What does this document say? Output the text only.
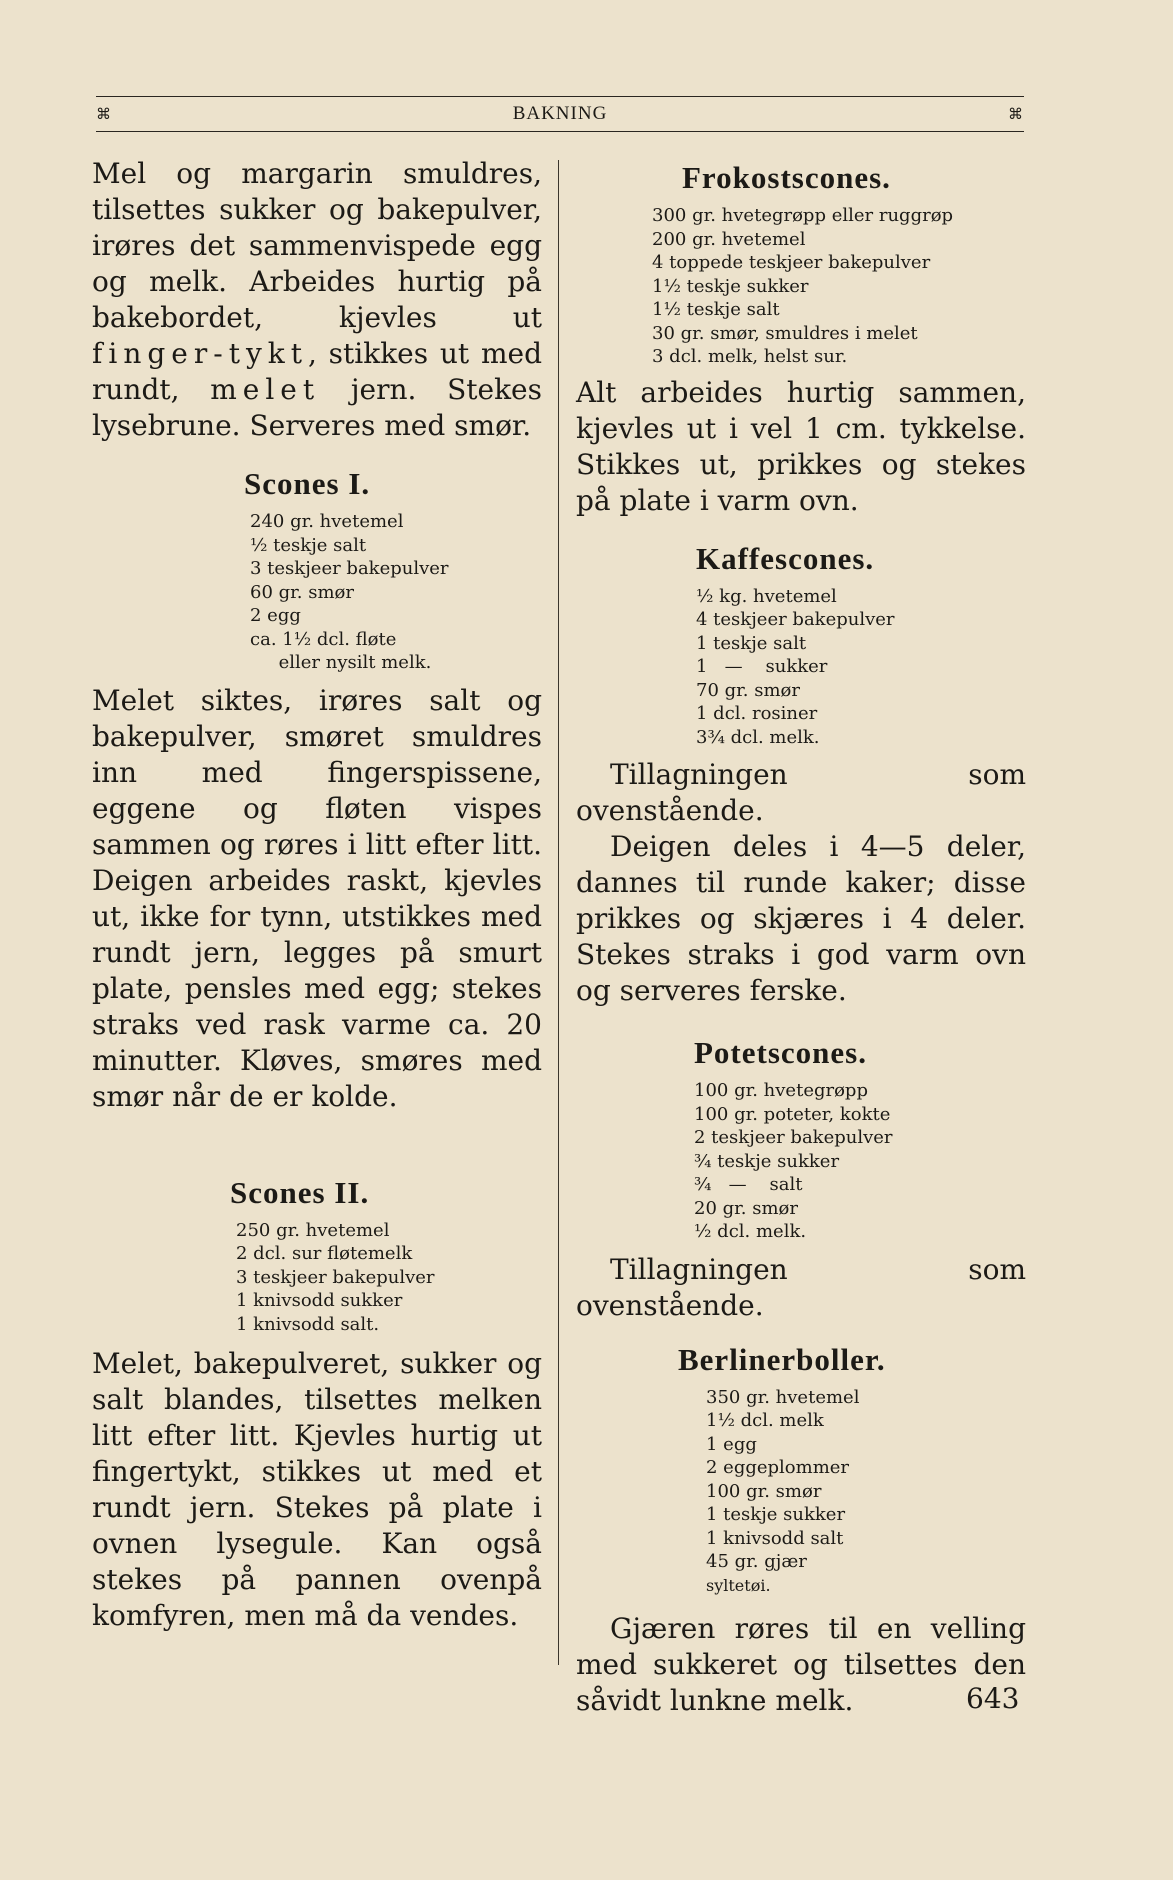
⌘	BAKNING	⌘

Mel og margarin smuldres, tilsettes sukker og bakepulver, irøres det sammenvispede egg og melk. Arbeides hurtig på bakebordet, kjevles ut finger-tykt, stikkes ut med rundt, melet jern. Stekes lysebrune. Serveres med smør.

Scones I.
240 gr. hvetemel
½ teskje salt
3 teskjeer bakepulver
60 gr. smør
2 egg
ca. 1½ dcl. fløte
eller nysilt melk.

Melet siktes, irøres salt og bakepulver, smøret smuldres inn med fingerspissene, eggene og fløten vispes sammen og røres i litt efter litt. Deigen arbeides raskt, kjevles ut, ikke for tynn, utstikkes med rundt jern, legges på smurt plate, pensles med egg; stekes straks ved rask varme ca. 20 minutter. Kløves, smøres med smør når de er kolde.

Scones II.
250 gr. hvetemel
2 dcl. sur fløtemelk
3 teskjeer bakepulver
1 knivsodd sukker
1 knivsodd salt.

Melet, bakepulveret, sukker og salt blandes, tilsettes melken litt efter litt. Kjevles hurtig ut fingertykt, stikkes ut med et rundt jern. Stekes på plate i ovnen lysegule. Kan også stekes på pannen ovenpå komfyren, men må da vendes.

Frokostscones.
300 gr. hvetegrøpp eller ruggrøp
200 gr. hvetemel
4 toppede teskjeer bakepulver
1½ teskje sukker
1½ teskje salt
30 gr. smør, smuldres i melet
3 dcl. melk, helst sur.

Alt arbeides hurtig sammen, kjevles ut i vel 1 cm. tykkelse. Stikkes ut, prikkes og stekes på plate i varm ovn.

Kaffescones.
½ kg. hvetemel
4 teskjeer bakepulver
1 teskje salt
1   —    sukker
70 gr. smør
1 dcl. rosiner
3¾ dcl. melk.

Tillagningen som ovenstående.

Deigen deles i 4—5 deler, dannes til runde kaker; disse prikkes og skjæres i 4 deler. Stekes straks i god varm ovn og serveres ferske.

Potetscones.
100 gr. hvetegrøpp
100 gr. poteter, kokte
2 teskjeer bakepulver
¾ teskje sukker
¾   —    salt
20 gr. smør
½ dcl. melk.

Tillagningen som ovenstående.

Berlinerboller.
350 gr. hvetemel
1½ dcl. melk
1 egg
2 eggeplommer
100 gr. smør
1 teskje sukker
1 knivsodd salt
45 gr. gjær
syltetøi.

Gjæren røres til en velling med sukkeret og tilsettes den såvidt lunkne melk.	643
